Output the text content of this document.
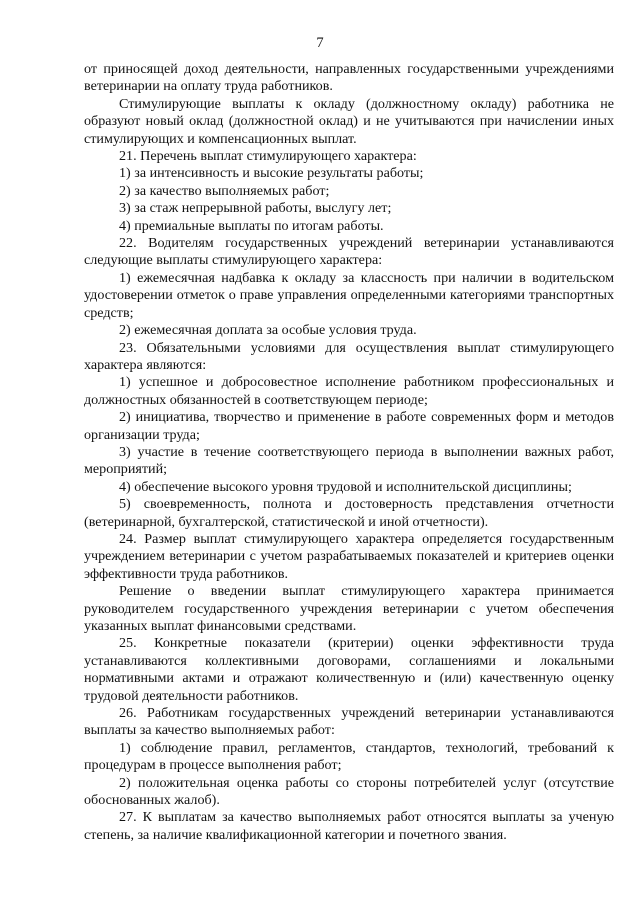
7

от приносящей доход деятельности, направленных государственными учреждениями ветеринарии на оплату труда работников.

Стимулирующие выплаты к окладу (должностному окладу) работника не образуют новый оклад (должностной оклад) и не учитываются при начислении иных стимулирующих и компенсационных выплат.

21. Перечень выплат стимулирующего характера:

1) за интенсивность и высокие результаты работы;

2) за качество выполняемых работ;

3) за стаж непрерывной работы, выслугу лет;

4) премиальные выплаты по итогам работы.

22. Водителям государственных учреждений ветеринарии устанавливаются следующие выплаты стимулирующего характера:

1) ежемесячная надбавка к окладу за классность при наличии в водительском удостоверении отметок о праве управления определенными категориями транспортных средств;

2) ежемесячная доплата за особые условия труда.

23. Обязательными условиями для осуществления выплат стимулирующего характера являются:

1) успешное и добросовестное исполнение работником профессиональных и должностных обязанностей в соответствующем периоде;

2) инициатива, творчество и применение в работе современных форм и методов организации труда;

3) участие в течение соответствующего периода в выполнении важных работ, мероприятий;

4) обеспечение высокого уровня трудовой и исполнительской дисциплины;

5) своевременность, полнота и достоверность представления отчетности (ветеринарной, бухгалтерской, статистической и иной отчетности).

24. Размер выплат стимулирующего характера определяется государственным учреждением ветеринарии с учетом разрабатываемых показателей и критериев оценки эффективности труда работников.

Решение о введении выплат стимулирующего характера принимается руководителем государственного учреждения ветеринарии с учетом обеспечения указанных выплат финансовыми средствами.

25. Конкретные показатели (критерии) оценки эффективности труда устанавливаются коллективными договорами, соглашениями и локальными нормативными актами и отражают количественную и (или) качественную оценку трудовой деятельности работников.

26. Работникам государственных учреждений ветеринарии устанавливаются выплаты за качество выполняемых работ:

1) соблюдение правил, регламентов, стандартов, технологий, требований к процедурам в процессе выполнения работ;

2) положительная оценка работы со стороны потребителей услуг (отсутствие обоснованных жалоб).

27. К выплатам за качество выполняемых работ относятся выплаты за ученую степень, за наличие квалификационной категории и почетного звания.
